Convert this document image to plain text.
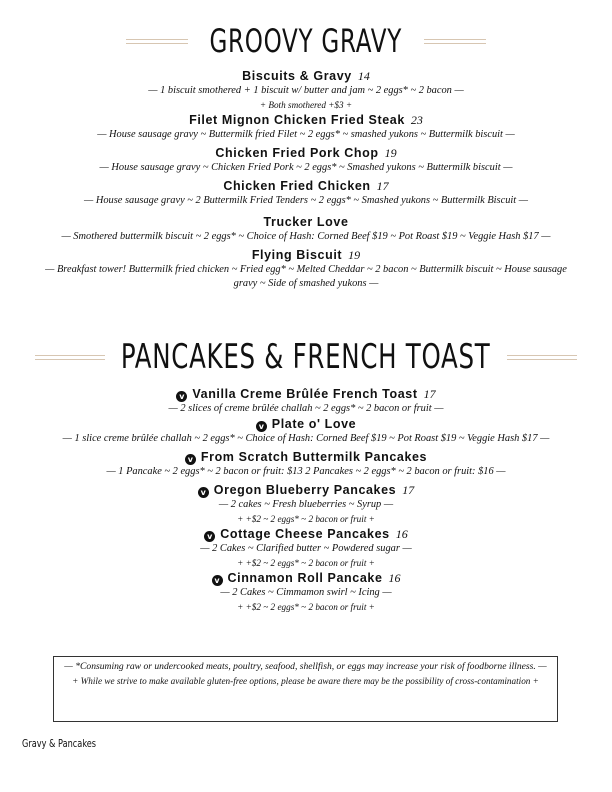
GROOVY GRAVY
Biscuits & Gravy 14
— 1 biscuit smothered + 1 biscuit w/ butter and jam ~ 2 eggs* ~ 2 bacon —
+ Both smothered +$3 +
Filet Mignon Chicken Fried Steak 23
— House sausage gravy ~ Buttermilk fried Filet ~ 2 eggs* ~ smashed yukons ~ Buttermilk biscuit —
Chicken Fried Pork Chop 19
— House sausage gravy ~ Chicken Fried Pork ~ 2 eggs* ~ Smashed yukons ~ Buttermilk biscuit —
Chicken Fried Chicken 17
— House sausage gravy ~ 2 Buttermilk Fried Tenders ~ 2 eggs* ~ Smashed yukons ~ Buttermilk Biscuit —
Trucker Love
— Smothered buttermilk biscuit ~ 2 eggs* ~ Choice of Hash: Corned Beef $19 ~ Pot Roast $19 ~ Veggie Hash $17 —
Flying Biscuit 19
— Breakfast tower! Buttermilk fried chicken ~ Fried egg* ~ Melted Cheddar ~ 2 bacon ~ Buttermilk biscuit ~ House sausage gravy ~ Side of smashed yukons —
PANCAKES & FRENCH TOAST
v Vanilla Creme Brûlée French Toast 17
— 2 slices of creme brûlée challah ~ 2 eggs* ~ 2 bacon or fruit —
v Plate o' Love
— 1 slice creme brûlée challah ~ 2 eggs* ~ Choice of Hash: Corned Beef $19 ~ Pot Roast $19 ~ Veggie Hash $17 —
v From Scratch Buttermilk Pancakes
— 1 Pancake ~ 2 eggs* ~ 2 bacon or fruit: $13 2 Pancakes ~ 2 eggs* ~ 2 bacon or fruit: $16 —
v Oregon Blueberry Pancakes 17
— 2 cakes ~ Fresh blueberries ~ Syrup —
+ +$2 ~ 2 eggs* ~ 2 bacon or fruit +
v Cottage Cheese Pancakes 16
— 2 Cakes ~ Clarified butter ~ Powdered sugar —
+ +$2 ~ 2 eggs* ~ 2 bacon or fruit +
v Cinnamon Roll Pancake 16
— 2 Cakes ~ Cimmamon swirl ~ Icing —
+ +$2 ~ 2 eggs* ~ 2 bacon or fruit +
— *Consuming raw or undercooked meats, poultry, seafood, shellfish, or eggs may increase your risk of foodborne illness. —
+ While we strive to make available gluten-free options, please be aware there may be the possibility of cross-contamination +
Gravy & Pancakes
